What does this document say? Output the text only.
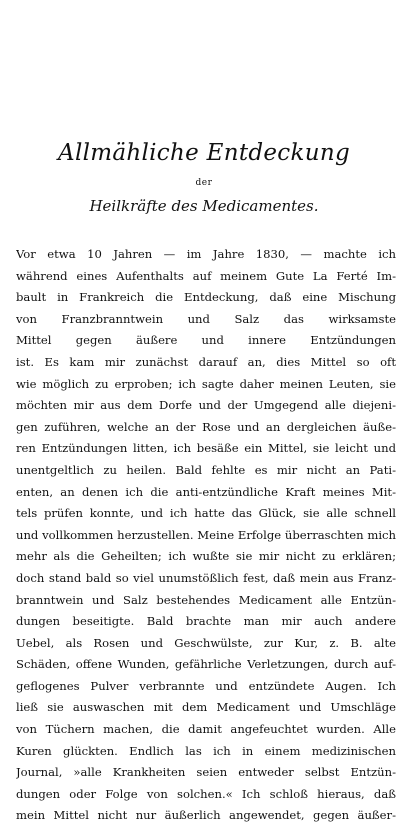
Allmähliche Entdeckung
der
Heilkräfte des Medicamentes.
Vor etwa 10 Jahren — im Jahre 1830, — machte ich
während eines Aufenthalts auf meinem Gute La Ferté Im-
bault in Frankreich die Entdeckung, daß eine Mischung
von Franzbranntwein und Salz das wirksamste
Mittel gegen äußere und innere Entzündungen
ist. Es kam mir zunächst darauf an, dies Mittel so oft
wie möglich zu erproben; ich sagte daher meinen Leuten, sie
möchten mir aus dem Dorfe und der Umgegend alle diejeni-
gen zuführen, welche an der Rose und an dergleichen äuße-
ren Entzündungen litten, ich besäße ein Mittel, sie leicht und
unentgeltlich zu heilen. Bald fehlte es mir nicht an Pati-
enten, an denen ich die anti-entzündliche Kraft meines Mit-
tels prüfen konnte, und ich hatte das Glück, sie alle schnell
und vollkommen herzustellen. Meine Erfolge überraschten mich
mehr als die Geheilten; ich wußte sie mir nicht zu erklären;
doch stand bald so viel unumstößlich fest, daß mein aus Franz-
branntwein und Salz bestehendes Medicament alle Entzün-
dungen beseitigte. Bald brachte man mir auch andere
Uebel, als Rosen und Geschwülste, zur Kur, z. B. alte
Schäden, offene Wunden, gefährliche Verletzungen, durch auf-
geflogenes Pulver verbrannte und entzündete Augen. Ich
ließ sie auswaschen mit dem Medicament und Umschläge
von Tüchern machen, die damit angefeuchtet wurden. Alle
Kuren glückten. Endlich las ich in einem medizinischen
Journal, »alle Krankheiten seien entweder selbst Entzün-
dungen oder Folge von solchen.« Ich schloß hieraus, daß
mein Mittel nicht nur äußerlich angewendet, gegen äußer-
